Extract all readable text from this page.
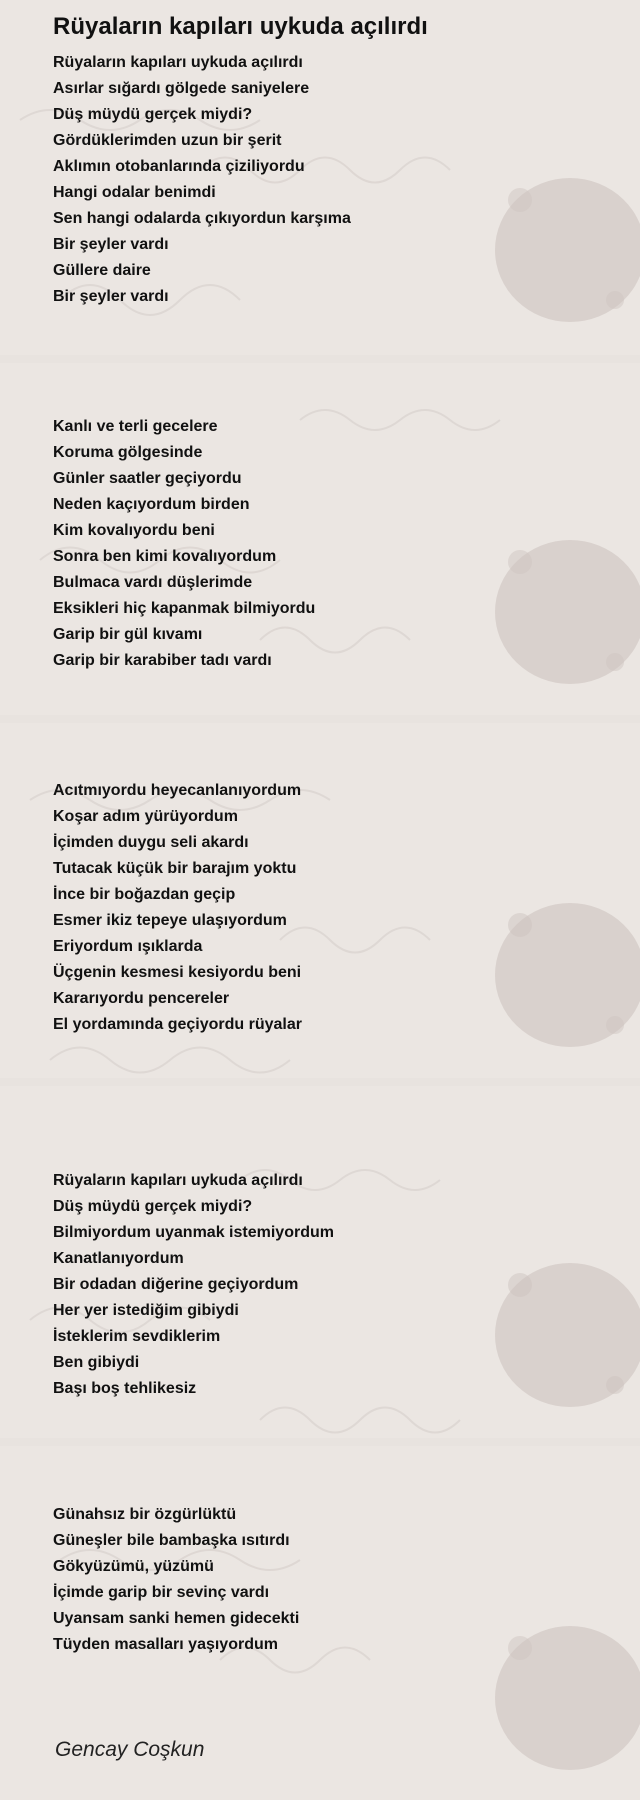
Rüyaların kapıları uykuda açılırdı
Rüyaların kapıları uykuda açılırdı
Asırlar sığardı gölgede saniyelere
Düş müydü gerçek miydi?
Gördüklerimden uzun bir şerit
Aklımın otobanlarında çiziliyordu
Hangi odalar benimdi
Sen hangi odalarda çıkıyordun karşıma
Bir şeyler vardı
Güllere daire
Bir şeyler vardı
Kanlı ve terli gecelere
Koruma gölgesinde
Günler saatler geçiyordu
Neden kaçıyordum birden
Kim kovalıyordu beni
Sonra ben kimi kovalıyordum
Bulmaca vardı düşlerimde
Eksikleri hiç kapanmak bilmiyordu
Garip bir gül kıvamı
Garip bir karabiber tadı vardı
Acıtmıyordu heyecanlanıyordum
Koşar adım yürüyordum
İçimden duygu seli akardı
Tutacak küçük bir barajım yoktu
İnce bir boğazdan geçip
Esmer ikiz tepeye ulaşıyordum
Eriyordum ışıklarda
Üçgenin kesmesi kesiyordu beni
Kararıyordu pencereler
El yordamında geçiyordu rüyalar
Rüyaların kapıları uykuda açılırdı
Düş müydü gerçek miydi?
Bilmiyordum uyanmak istemiyordum
Kanatlanıyordum
Bir odadan diğerine geçiyordum
Her yer istediğim gibiydi
İsteklerim sevdiklerim
Ben gibiydi
Başı boş tehlikesiz
Günahsız bir özgürlüktü
Güneşler bile bambaşka ısıtırdı
Gökyüzümü, yüzümü
İçimde garip bir sevinç vardı
Uyansam sanki hemen gidecekti
Tüyden masalları yaşıyordum
Gencay Coşkun
